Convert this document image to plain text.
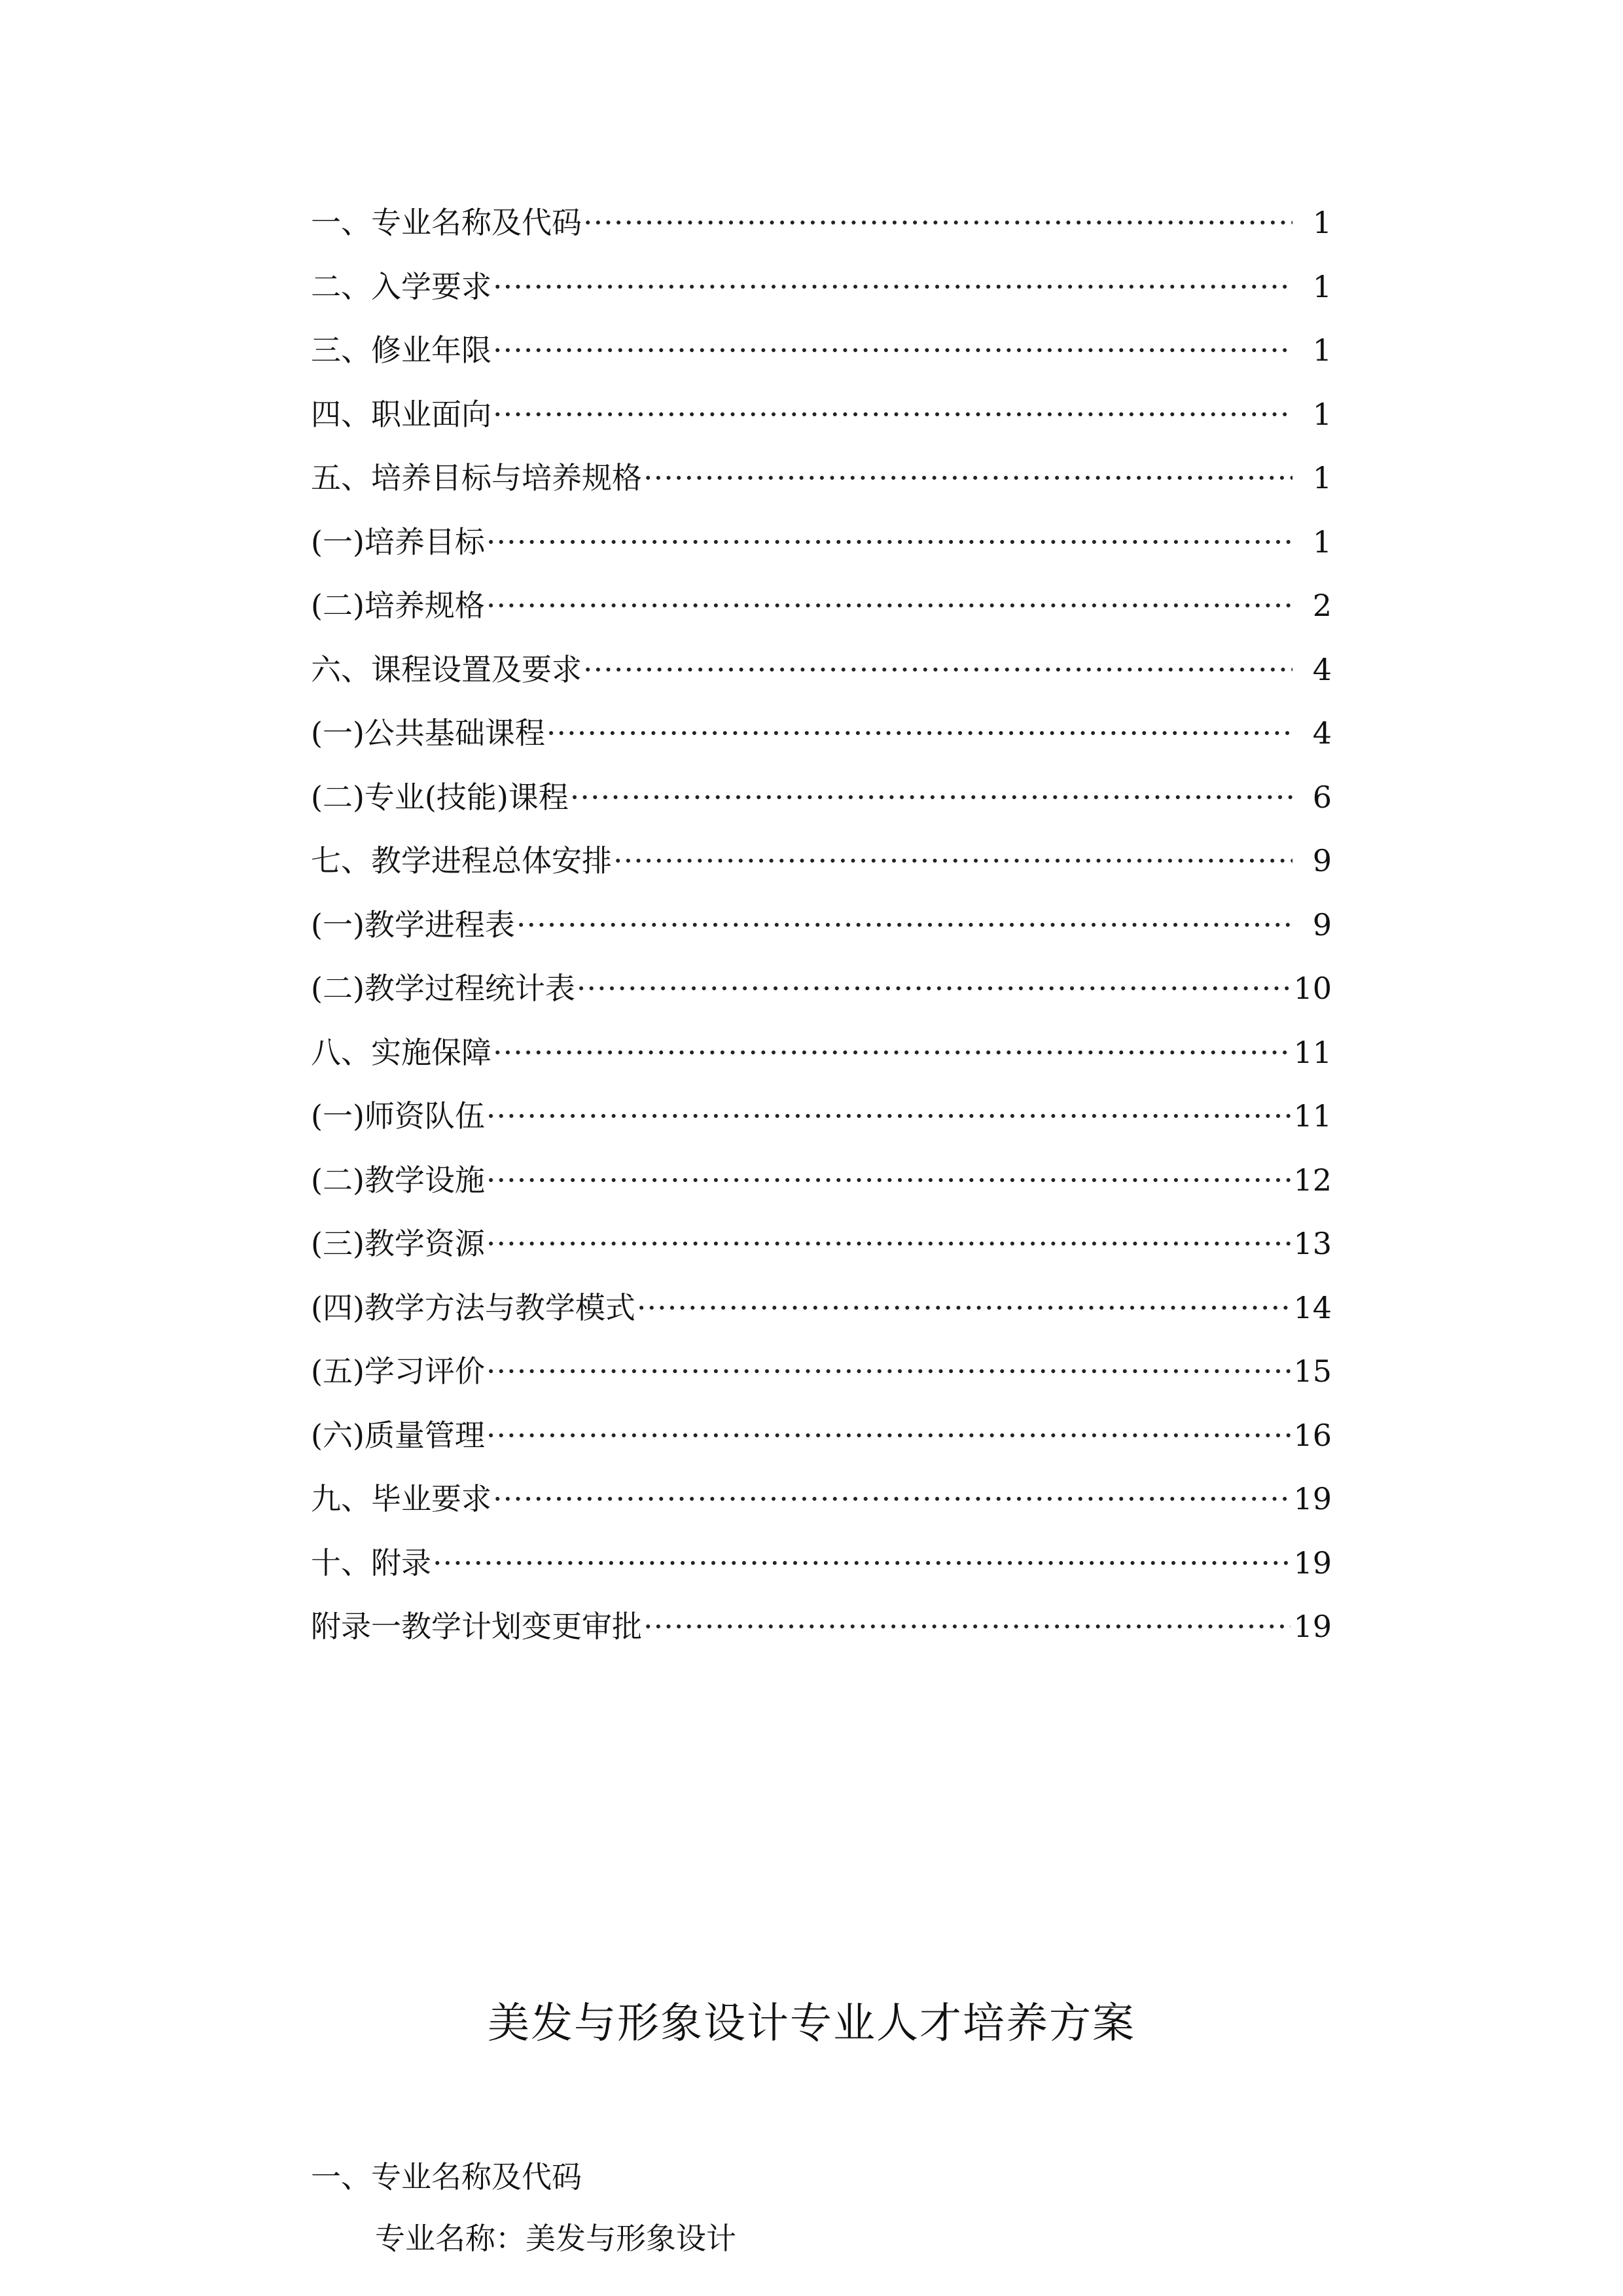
一、专业名称及代码 ·····	1
二、入学要求 ·····	1
三、修业年限 ·····	1
四、职业面向 ·····	1
五、培养目标与培养规格 ·····	1
(一)培养目标 ·····	1
(二)培养规格 ·····	2
六、课程设置及要求 ·····	4
(一)公共基础课程 ·····	4
(二)专业(技能)课程 ·····	6
七、教学进程总体安排 ·····	9
(一)教学进程表 ·····	9
(二)教学过程统计表 ·····	10
八、实施保障 ·····	11
(一)师资队伍 ·····	11
(二)教学设施 ·····	12
(三)教学资源 ·····	13
(四)教学方法与教学模式 ·····	14
(五)学习评价 ·····	15
(六)质量管理 ·····	16
九、毕业要求 ·····	19
十、附录 ·····	19
附录一教学计划变更审批 ·····	19
美发与形象设计专业人才培养方案
一、专业名称及代码
专业名称：美发与形象设计
